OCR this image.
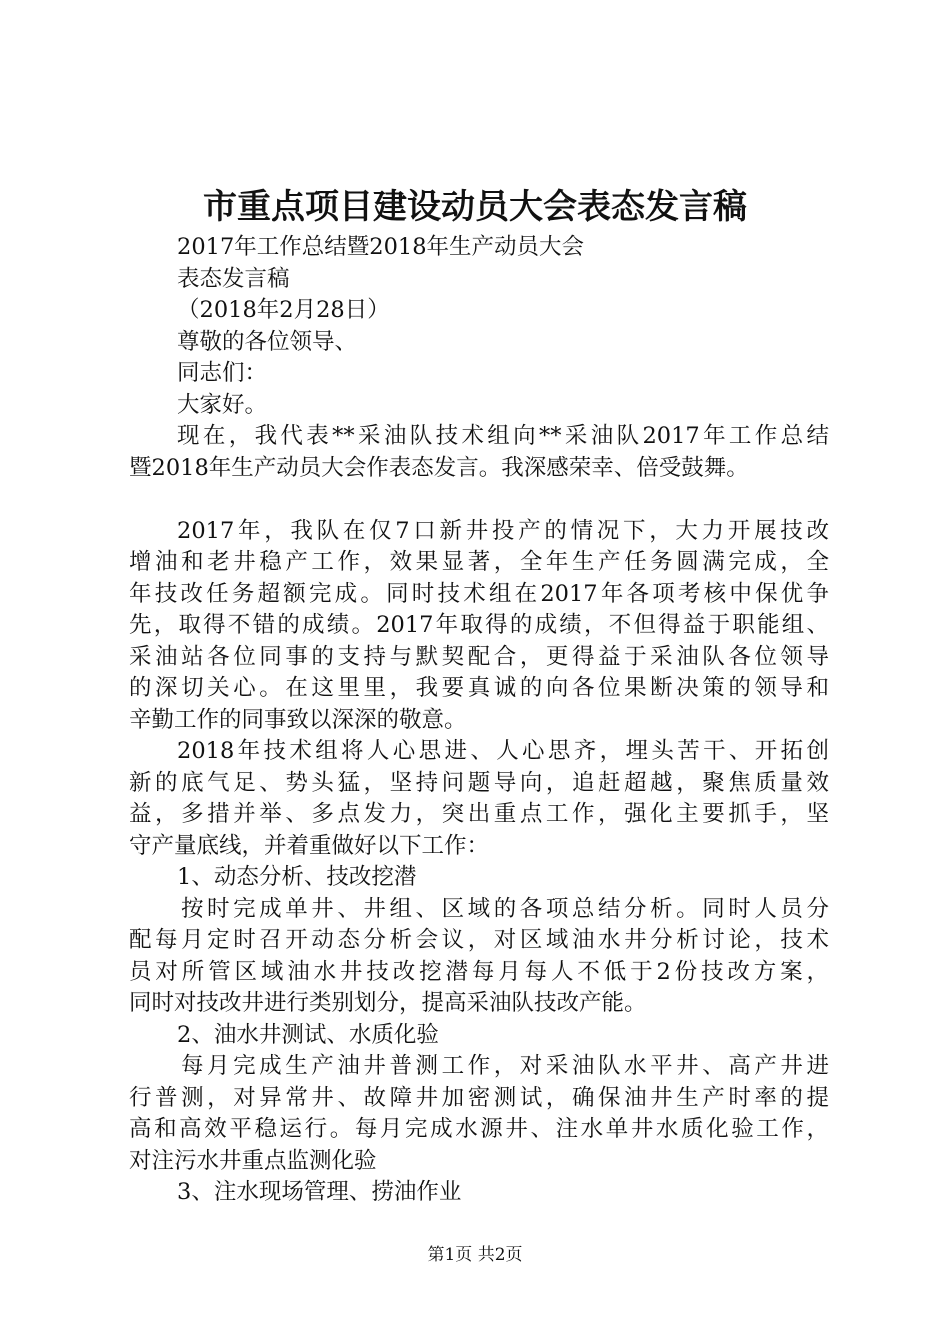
市重点项目建设动员大会表态发言稿
2017年工作总结暨2018年生产动员大会
表态发言稿
（2018年2月28日）
尊敬的各位领导、
同志们：
大家好。
现在，我代表**采油队技术组向**采油队2017年工作总结
暨2018年生产动员大会作表态发言。我深感荣幸、倍受鼓舞。
2017年，我队在仅7口新井投产的情况下，大力开展技改
增油和老井稳产工作，效果显著，全年生产任务圆满完成，全
年技改任务超额完成。同时技术组在2017年各项考核中保优争
先，取得不错的成绩。2017年取得的成绩，不但得益于职能组、
采油站各位同事的支持与默契配合，更得益于采油队各位领导
的深切关心。在这里里，我要真诚的向各位果断决策的领导和
辛勤工作的同事致以深深的敬意。
2018年技术组将人心思进、人心思齐，埋头苦干、开拓创
新的底气足、势头猛，坚持问题导向，追赶超越，聚焦质量效
益，多措并举、多点发力，突出重点工作，强化主要抓手，坚
守产量底线，并着重做好以下工作：
1、动态分析、技改挖潜
按时完成单井、井组、区域的各项总结分析。同时人员分
配每月定时召开动态分析会议，对区域油水井分析讨论，技术
员对所管区域油水井技改挖潜每月每人不低于2份技改方案，
同时对技改井进行类别划分，提高采油队技改产能。
2、油水井测试、水质化验
每月完成生产油井普测工作，对采油队水平井、高产井进
行普测，对异常井、故障井加密测试，确保油井生产时率的提
高和高效平稳运行。每月完成水源井、注水单井水质化验工作，
对注污水井重点监测化验
3、注水现场管理、捞油作业
第1页 共2页
